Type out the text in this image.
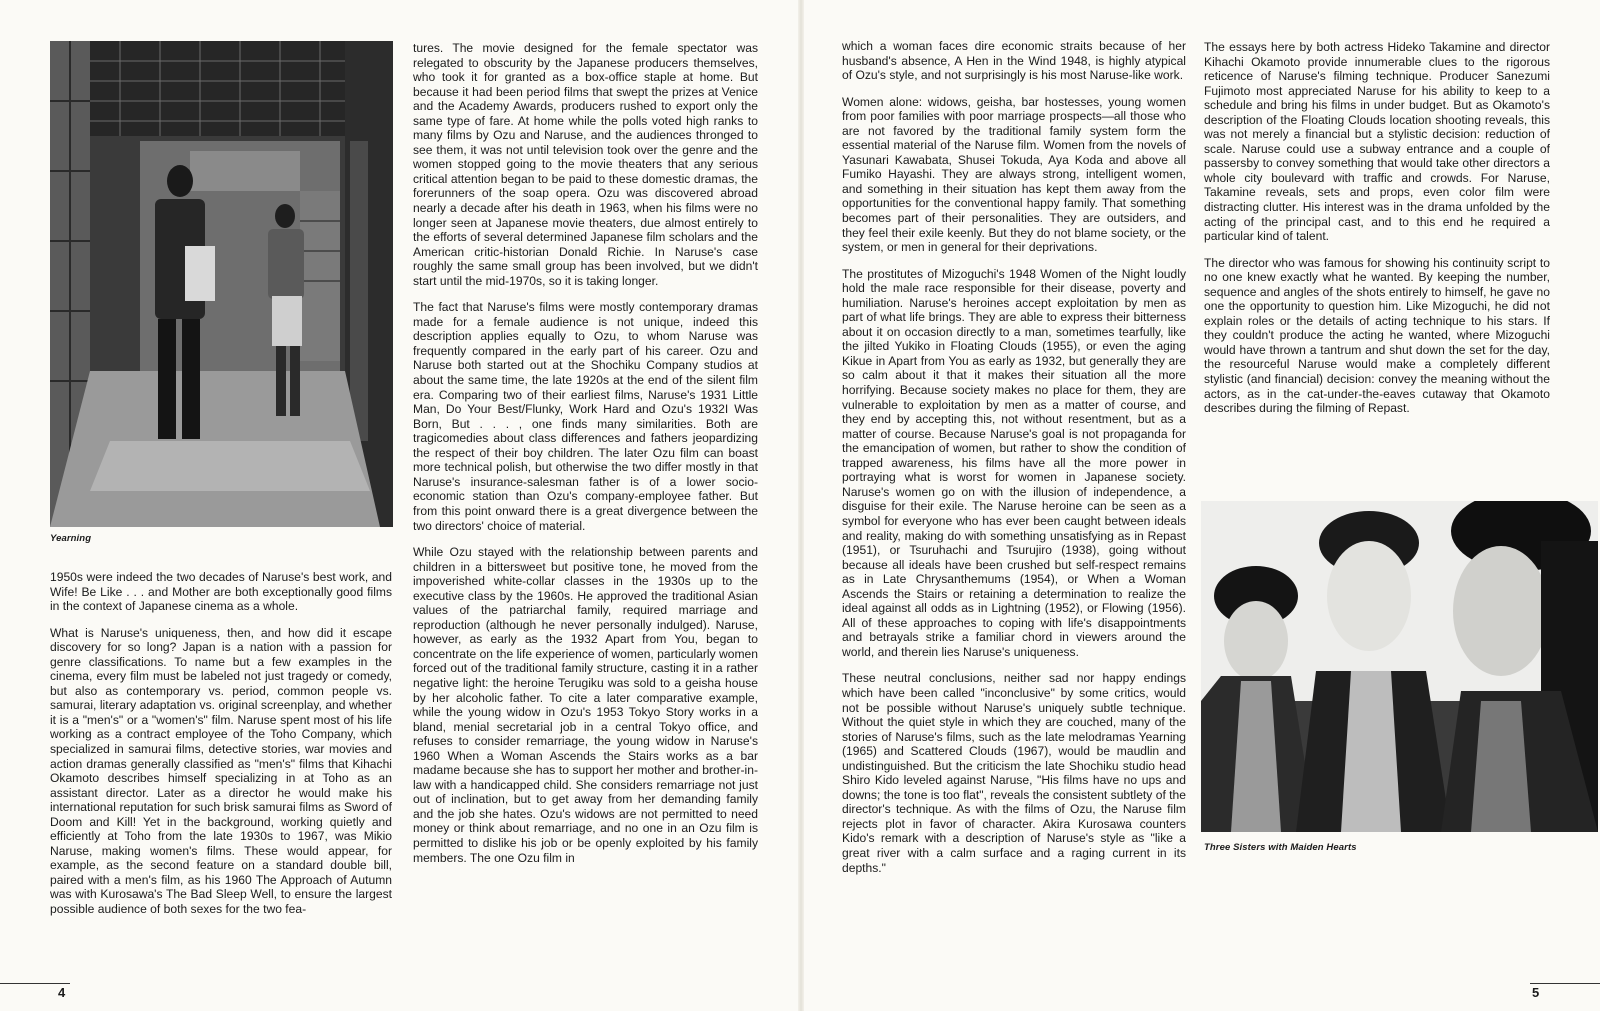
Yearning

1950s were indeed the two decades of Naruse's best work, and Wife! Be Like . . . and Mother are both exceptionally good films in the context of Japanese cinema as a whole.

What is Naruse's uniqueness, then, and how did it escape discovery for so long? Japan is a nation with a passion for genre classifications. To name but a few examples in the cinema, every film must be labeled not just tragedy or comedy, but also as contemporary vs. period, common people vs. samurai, literary adaptation vs. original screenplay, and whether it is a "men's" or a "women's" film. Naruse spent most of his life working as a contract employee of the Toho Company, which specialized in samurai films, detective stories, war movies and action dramas generally classified as "men's" films that Kihachi Okamoto describes himself specializing in at Toho as an assistant director. Later as a director he would make his international reputation for such brisk samurai films as Sword of Doom and Kill! Yet in the background, working quietly and efficiently at Toho from the late 1930s to 1967, was Mikio Naruse, making women's films. These would appear, for example, as the second feature on a standard double bill, paired with a men's film, as his 1960 The Approach of Autumn was with Kurosawa's The Bad Sleep Well, to ensure the largest possible audience of both sexes for the two fea-

tures. The movie designed for the female spectator was relegated to obscurity by the Japanese producers themselves, who took it for granted as a box-office staple at home. But because it had been period films that swept the prizes at Venice and the Academy Awards, producers rushed to export only the same type of fare. At home while the polls voted high ranks to many films by Ozu and Naruse, and the audiences thronged to see them, it was not until television took over the genre and the women stopped going to the movie theaters that any serious critical attention began to be paid to these domestic dramas, the forerunners of the soap opera. Ozu was discovered abroad nearly a decade after his death in 1963, when his films were no longer seen at Japanese movie theaters, due almost entirely to the efforts of several determined Japanese film scholars and the American critic-historian Donald Richie. In Naruse's case roughly the same small group has been involved, but we didn't start until the mid-1970s, so it is taking longer.

The fact that Naruse's films were mostly contemporary dramas made for a female audience is not unique, indeed this description applies equally to Ozu, to whom Naruse was frequently compared in the early part of his career. Ozu and Naruse both started out at the Shochiku Company studios at about the same time, the late 1920s at the end of the silent film era. Comparing two of their earliest films, Naruse's 1931 Little Man, Do Your Best/Flunky, Work Hard and Ozu's 1932I Was Born, But . . . , one finds many similarities. Both are tragicomedies about class differences and fathers jeopardizing the respect of their boy children. The later Ozu film can boast more technical polish, but otherwise the two differ mostly in that Naruse's insurance-salesman father is of a lower socio-economic station than Ozu's company-employee father. But from this point onward there is a great divergence between the two directors' choice of material.

While Ozu stayed with the relationship between parents and children in a bittersweet but positive tone, he moved from the impoverished white-collar classes in the 1930s up to the executive class by the 1960s. He approved the traditional Asian values of the patriarchal family, required marriage and reproduction (although he never personally indulged). Naruse, however, as early as the 1932 Apart from You, began to concentrate on the life experience of women, particularly women forced out of the traditional family structure, casting it in a rather negative light: the heroine Terugiku was sold to a geisha house by her alcoholic father. To cite a later comparative example, while the young widow in Ozu's 1953 Tokyo Story works in a bland, menial secretarial job in a central Tokyo office, and refuses to consider remarriage, the young widow in Naruse's 1960 When a Woman Ascends the Stairs works as a bar madame because she has to support her mother and brother-in-law with a handicapped child. She considers remarriage not just out of inclination, but to get away from her demanding family and the job she hates. Ozu's widows are not permitted to need money or think about remarriage, and no one in an Ozu film is permitted to dislike his job or be openly exploited by his family members. The one Ozu film in

which a woman faces dire economic straits because of her husband's absence, A Hen in the Wind 1948, is highly atypical of Ozu's style, and not surprisingly is his most Naruse-like work.

Women alone: widows, geisha, bar hostesses, young women from poor families with poor marriage prospects—all those who are not favored by the traditional family system form the essential material of the Naruse film. Women from the novels of Yasunari Kawabata, Shusei Tokuda, Aya Koda and above all Fumiko Hayashi. They are always strong, intelligent women, and something in their situation has kept them away from the opportunities for the conventional happy family. That something becomes part of their personalities. They are outsiders, and they feel their exile keenly. But they do not blame society, or the system, or men in general for their deprivations.

The prostitutes of Mizoguchi's 1948 Women of the Night loudly hold the male race responsible for their disease, poverty and humiliation. Naruse's heroines accept exploitation by men as part of what life brings. They are able to express their bitterness about it on occasion directly to a man, sometimes tearfully, like the jilted Yukiko in Floating Clouds (1955), or even the aging Kikue in Apart from You as early as 1932, but generally they are so calm about it that it makes their situation all the more horrifying. Because society makes no place for them, they are vulnerable to exploitation by men as a matter of course, and they end by accepting this, not without resentment, but as a matter of course. Because Naruse's goal is not propaganda for the emancipation of women, but rather to show the condition of trapped awareness, his films have all the more power in portraying what is worst for women in Japanese society. Naruse's women go on with the illusion of independence, a disguise for their exile. The Naruse heroine can be seen as a symbol for everyone who has ever been caught between ideals and reality, making do with something unsatisfying as in Repast (1951), or Tsuruhachi and Tsurujiro (1938), going without because all ideals have been crushed but self-respect remains as in Late Chrysanthemums (1954), or When a Woman Ascends the Stairs or retaining a determination to realize the ideal against all odds as in Lightning (1952), or Flowing (1956). All of these approaches to coping with life's disappointments and betrayals strike a familiar chord in viewers around the world, and therein lies Naruse's uniqueness.

These neutral conclusions, neither sad nor happy endings which have been called "inconclusive" by some critics, would not be possible without Naruse's uniquely subtle technique. Without the quiet style in which they are couched, many of the stories of Naruse's films, such as the late melodramas Yearning (1965) and Scattered Clouds (1967), would be maudlin and undistinguished. But the criticism the late Shochiku studio head Shiro Kido leveled against Naruse, "His films have no ups and downs; the tone is too flat", reveals the consistent subtlety of the director's technique. As with the films of Ozu, the Naruse film rejects plot in favor of character. Akira Kurosawa counters Kido's remark with a description of Naruse's style as "like a great river with a calm surface and a raging current in its depths."

The essays here by both actress Hideko Takamine and director Kihachi Okamoto provide innumerable clues to the rigorous reticence of Naruse's filming technique. Producer Sanezumi Fujimoto most appreciated Naruse for his ability to keep to a schedule and bring his films in under budget. But as Okamoto's description of the Floating Clouds location shooting reveals, this was not merely a financial but a stylistic decision: reduction of scale. Naruse could use a subway entrance and a couple of passersby to convey something that would take other directors a whole city boulevard with traffic and crowds. For Naruse, Takamine reveals, sets and props, even color film were distracting clutter. His interest was in the drama unfolded by the acting of the principal cast, and to this end he required a particular kind of talent.

The director who was famous for showing his continuity script to no one knew exactly what he wanted. By keeping the number, sequence and angles of the shots entirely to himself, he gave no one the opportunity to question him. Like Mizoguchi, he did not explain roles or the details of acting technique to his stars. If they couldn't produce the acting he wanted, where Mizoguchi would have thrown a tantrum and shut down the set for the day, the resourceful Naruse would make a completely different stylistic (and financial) decision: convey the meaning without the actors, as in the cat-under-the-eaves cutaway that Okamoto describes during the filming of Repast.

Three Sisters with Maiden Hearts
4	5
